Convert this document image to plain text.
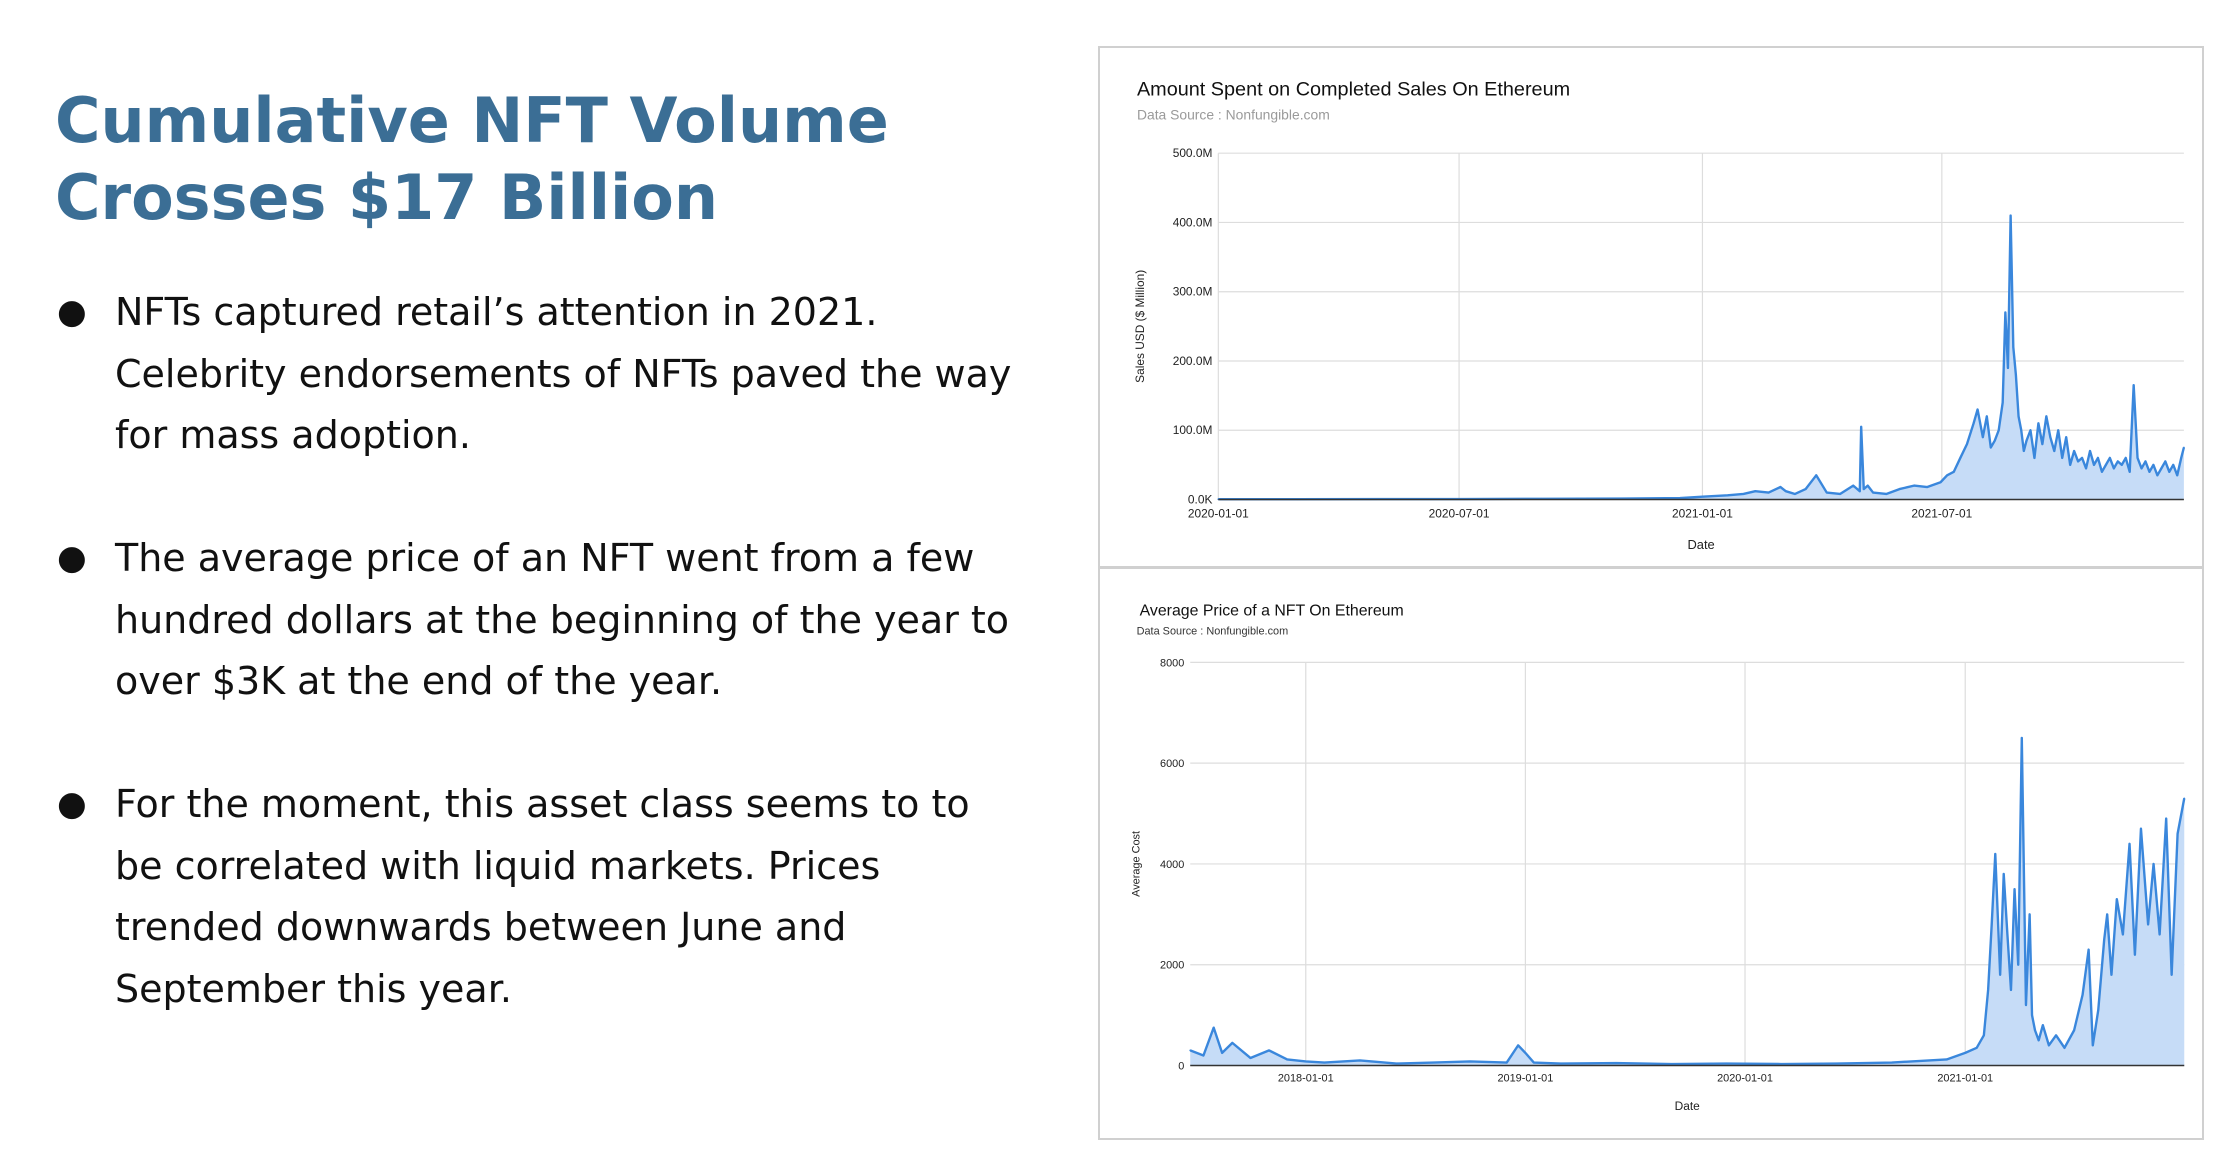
Cumulative NFT Volume
Crosses $17 Billion
● NFTs captured retail’s attention in 2021.
Celebrity endorsements of NFTs paved the way
for mass adoption.
● The average price of an NFT went from a few
hundred dollars at the beginning of the year to
over $3K at the end of the year.
● For the moment, this asset class seems to to
be correlated with liquid markets. Prices
trended downwards between June and
September this year.
0.0K
100.0M
200.0M
300.0M
400.0M
500.0M
2020-01-01	2020-07-01	2021-01-01	2021-07-01
Amount Spent on Completed Sales On Ethereum
Data Source : Nonfungible.com
Date
Sales USD ($ Million)
0
2000
4000
6000
8000
2018-01-01	2019-01-01	2020-01-01	2021-01-01
Average Price of a NFT On Ethereum
Data Source : Nonfungible.com
Date
Average Cost
